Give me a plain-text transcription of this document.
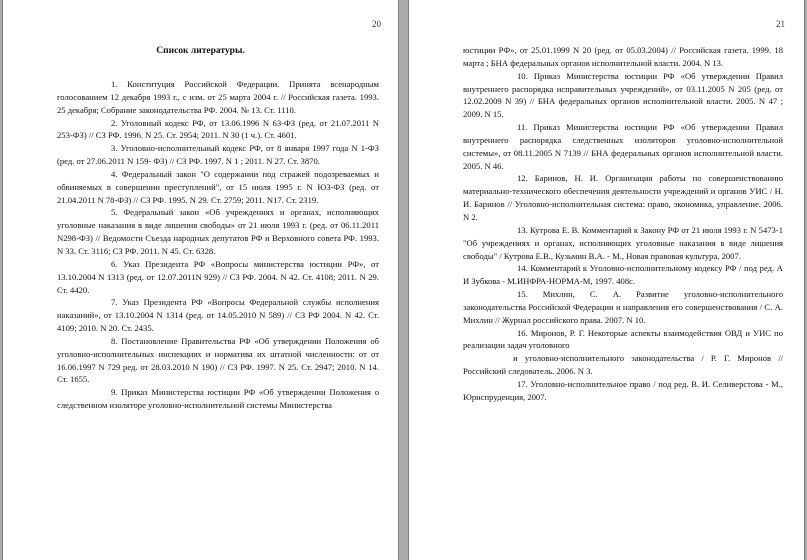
20
Список литературы.

1. Конституция Российской Федерации. Принята всенародным голосованием 12 декабря 1993 г., с изм. от 25 марта 2004 г. // Российская газета. 1993. 25 декабря; Собрание законодательства РФ. 2004. № 13. Ст. 1110.

2. Уголовный кодекс РФ, от 13.06.1996 N 63-ФЗ (ред. от 21.07.2011 N 253-ФЗ) // СЗ РФ. 1996. N 25. Ст. 2954; 2011. N 30 (1 ч.). Ст. 4601.

3. Уголовно-исполнительный кодекс РФ, от 8 января 1997 года N 1-ФЗ (ред. от 27.06.2011 N 159- ФЗ) // СЗ РФ. 1997. N 1 ; 2011. N 27. Ст. 3870.

4. Федеральный закон "О содержании под стражей подозреваемых и обвиняемых в совершении преступлений", от 15 июля 1995 г. N ЮЗ-ФЗ (ред. от 21.04.2011 N 78-ФЗ) // СЗ РФ. 1995. N 29. Ст. 2759; 2011. N17. Ст. 2319.

5. Федеральный закон «Об учреждениях и органах, исполняющих уголовные наказания в виде лишения свободы» от 21 июля 1993 г. (ред. от 06.11.2011 N298-ФЗ) // Ведомости Съезда народных депутатов РФ и Верховного совета РФ. 1993. N 33. Ст. 3116; СЗ РФ. 2011. N 45. Ст. 6328.

6. Указ Президента РФ «Вопросы министерства юстиции РФ», от 13.10.2004 N 1313 (ред. от 12.07.2011N 929) // СЗ РФ. 2004. N 42. Ст. 4108; 2011. N 29. Ст. 4420.

7. Указ Президента РФ «Вопросы Федеральной службы исполнения наказаний», от 13.10.2004 N 1314 (ред. от 14.05.2010 N 589) // СЗ РФ 2004. N 42. Ст. 4109; 2010. N 20. Ст. 2435.

8. Постановление Правительства РФ «Об утверждении Положения об уголовно-исполнительных инспекциях и норматива их штатной численности: от от 16.06.1997 N 729 ред. от 28.03.2010 N 190) // СЗ РФ. 1997. N 25. Ст. 2947; 2010. N 14. Ст. 1655.

9. Приказ Министерства юстиции РФ «Об утверждении Положения о следственном изоляторе уголовно-исполнительной системы Министерства

21

юстиции РФ», от 25.01.1999 N 20 (ред. от 05.03.2004) // Российская газета. 1999. 18 марта ; БНА федеральных органов исполнительной власти. 2004. N 13.

10. Приказ Министерства юстиции РФ «Об утверждении Правил внутреннего распорядка исправительных учреждений», от 03.11.2005 N 205 (ред. от 12.02.2009 N 39) // БНА федеральных органов исполнительной власти. 2005. N 47 ; 2009. N 15.

11. Приказ Министерства юстиции РФ «Об утверждении Правил внутреннего распорядка следственных изоляторов уголовно-исполнительной системы», от 08.11.2005 N 7139 // БНА федеральных органов исполнительной власти. 2005. N 46.

12. Баринов, Н. И. Организация работы по совершенствованию материально-технического обеспечения деятельности учреждений и органов УИС / Н. И. Баринов // Уголовно-исполнительная система: право, экономика, управление. 2006. N 2.

13. Кутрова Е. В. Комментарий к Закону РФ от 21 июля 1993 г. N 5473-1 "Об учреждениях и органах, исполняющих уголовные наказания в виде лишения свободы" / Кутрова Е.В., Кузьмин В.А. - М., Новая правовая культура, 2007.

14. Комментарий к Уголовно-исполнительному кодексу РФ / под ред. А И Зубкова - М.ИНФРА-НОРМА-М, 1997. 408с.

15. Михлин, С. А. Развитие уголовно-исполнительного законодательства Российской Федерации и направления его совершенствования / С. А. Михлин // Журнал российского права. 2007. N 10.

16. Миронов, Р. Г. Некоторые аспекты взаимодействия ОВД и УИС по реализации задач уголовного

и уголовно-исполнительного законодательства / Р. Г. Миронов // Российский следователь. 2006. N 3.

17. Уголовно-исполнительное право / под ред. В. И. Селиверстова - М., Юриспруденция, 2007.
